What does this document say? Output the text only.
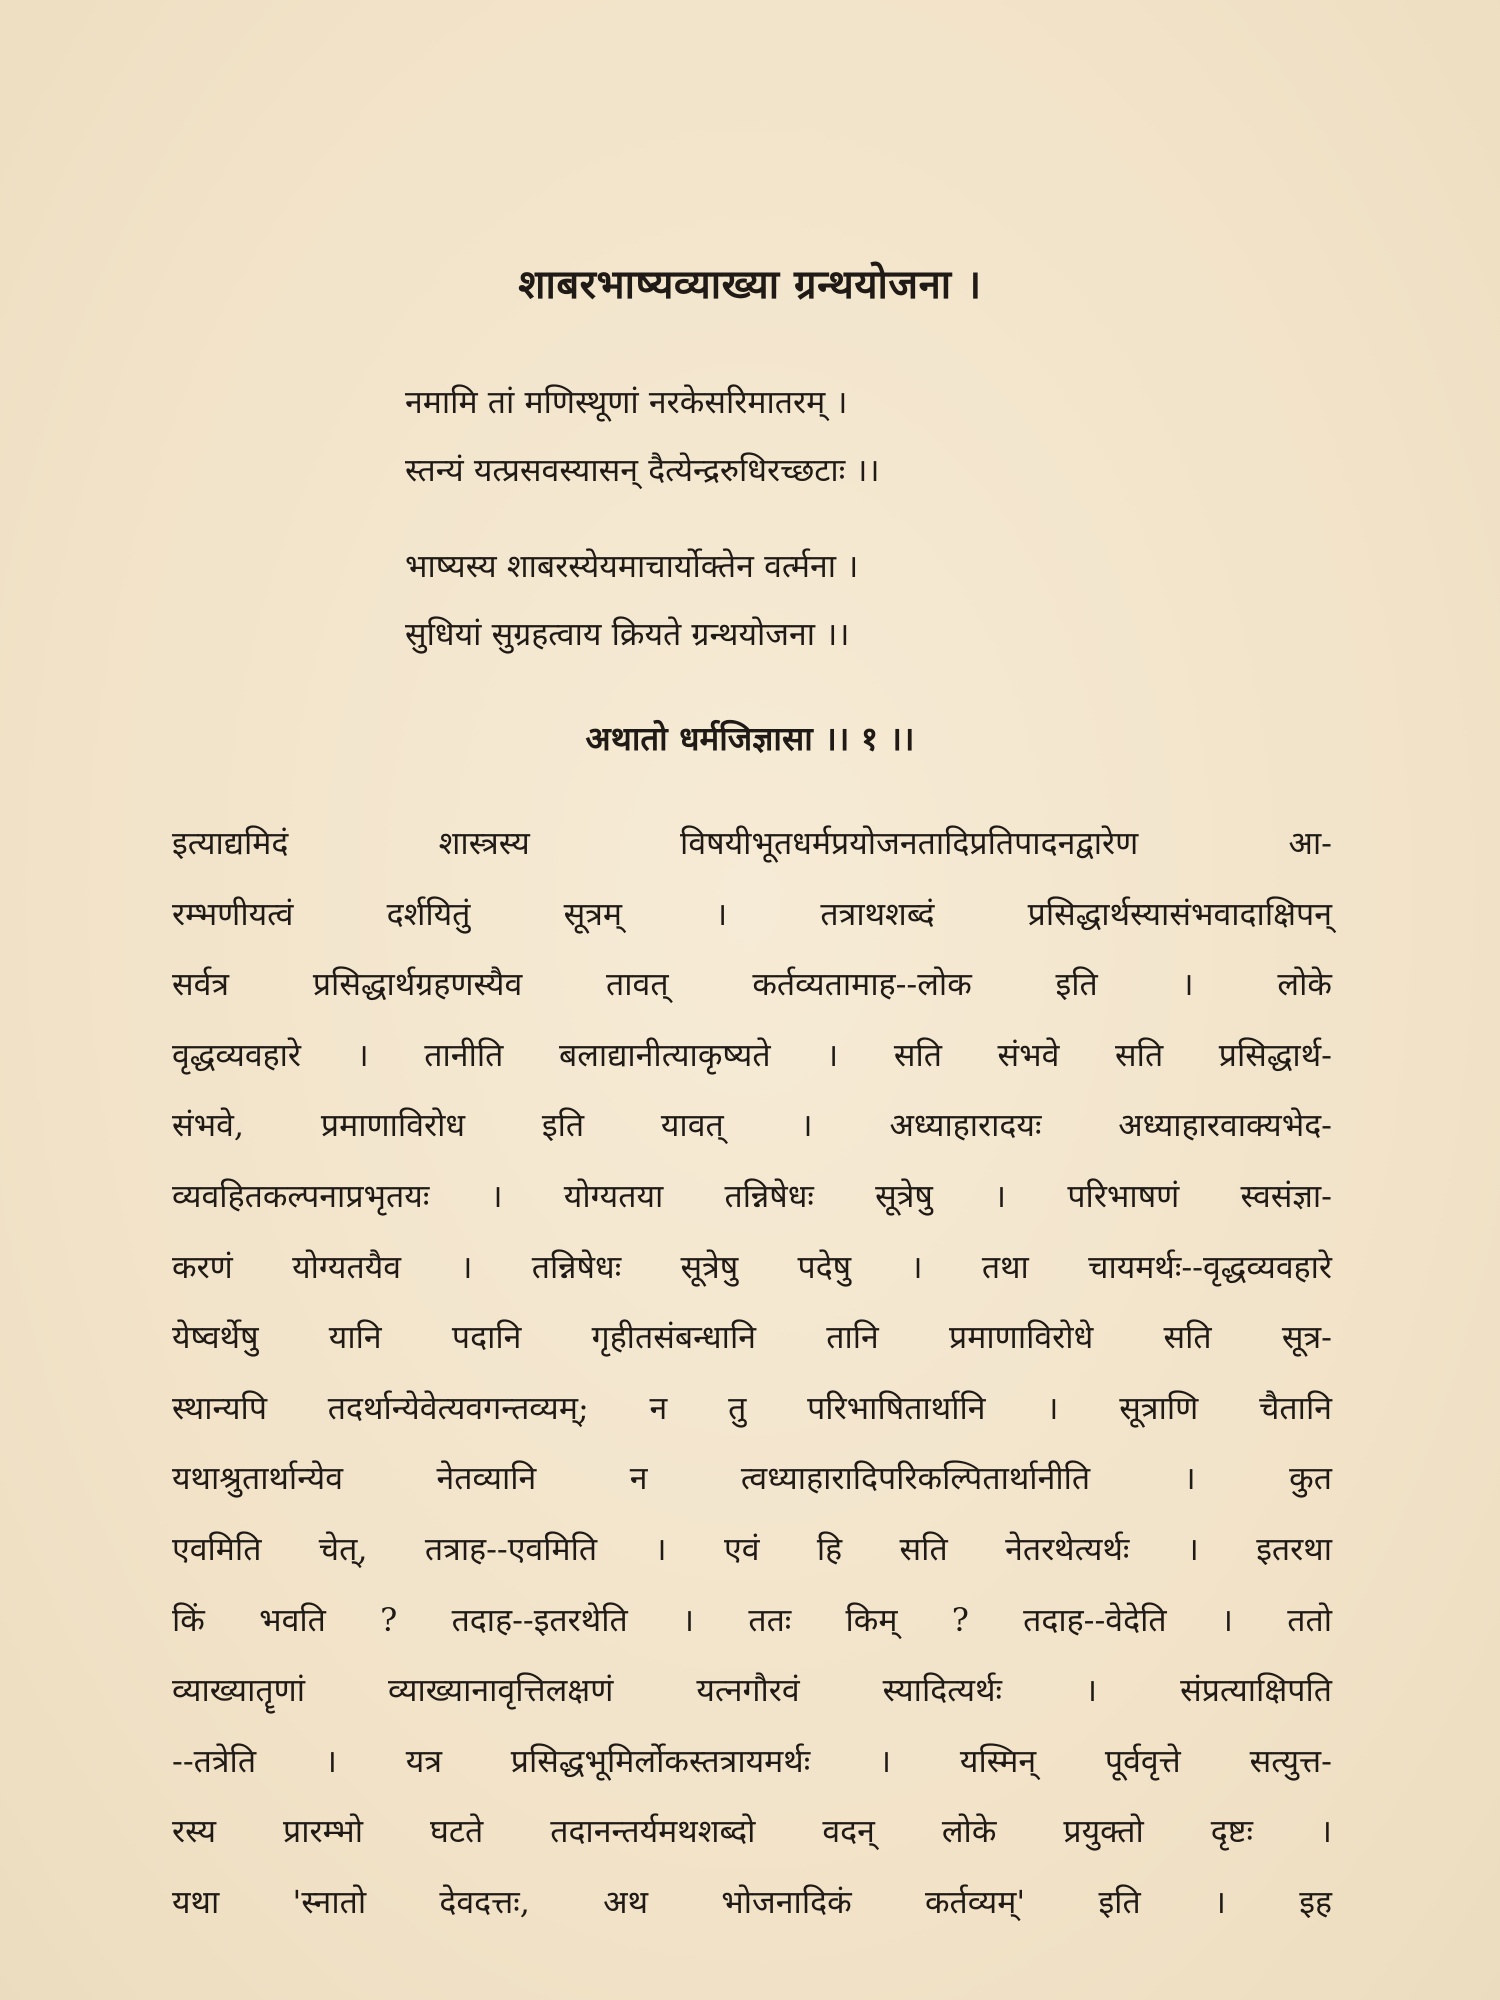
शाबरभाष्यव्याख्या ग्रन्थयोजना ।
नमामि तां मणिस्थूणां नरकेसरिमातरम् ।
स्तन्यं यत्प्रसवस्यासन् दैत्येन्द्ररुधिरच्छटाः ।।
भाष्यस्य शाबरस्येयमाचार्योक्तेन वर्त्मना ।
सुधियां सुग्रहत्वाय क्रियते ग्रन्थयोजना ।।
अथातो धर्मजिज्ञासा ।। १ ।।
इत्याद्यमिदं शास्त्रस्य विषयीभूतधर्मप्रयोजनतादिप्रतिपादनद्वारेण आ-
रम्भणीयत्वं दर्शयितुं सूत्रम् । तत्राथशब्दं प्रसिद्धार्थस्यासंभवादाक्षिपन्
सर्वत्र प्रसिद्धार्थग्रहणस्यैव तावत् कर्तव्यतामाह--लोक इति । लोके
वृद्धव्यवहारे । तानीति बलाद्यानीत्याकृष्यते । सति संभवे सति प्रसिद्धार्थ-
संभवे, प्रमाणाविरोध इति यावत् । अध्याहारादयः अध्याहारवाक्यभेद-
व्यवहितकल्पनाप्रभृतयः । योग्यतया तन्निषेधः सूत्रेषु । परिभाषणं स्वसंज्ञा-
करणं योग्यतयैव । तन्निषेधः सूत्रेषु पदेषु । तथा चायमर्थः--वृद्धव्यवहारे
येष्वर्थेषु यानि पदानि गृहीतसंबन्धानि तानि प्रमाणाविरोधे सति सूत्र-
स्थान्यपि तदर्थान्येवेत्यवगन्तव्यम्; न तु परिभाषितार्थानि । सूत्राणि चैतानि
यथाश्रुतार्थान्येव नेतव्यानि न त्वध्याहारादिपरिकल्पितार्थानीति । कुत
एवमिति चेत्, तत्राह--एवमिति । एवं हि सति नेतरथेत्यर्थः । इतरथा
किं भवति ? तदाह--इतरथेति । ततः किम् ? तदाह--वेदेति । ततो
व्याख्यातॄणां व्याख्यानावृत्तिलक्षणं यत्नगौरवं स्यादित्यर्थः । संप्रत्याक्षिपति
--तत्रेति । यत्र प्रसिद्धभूमिर्लोकस्तत्रायमर्थः । यस्मिन् पूर्ववृत्ते सत्युत्त-
रस्य प्रारम्भो घटते तदानन्तर्यमथशब्दो वदन् लोके प्रयुक्तो दृष्टः ।
यथा 'स्नातो देवदत्तः, अथ भोजनादिकं कर्तव्यम्' इति । इह
